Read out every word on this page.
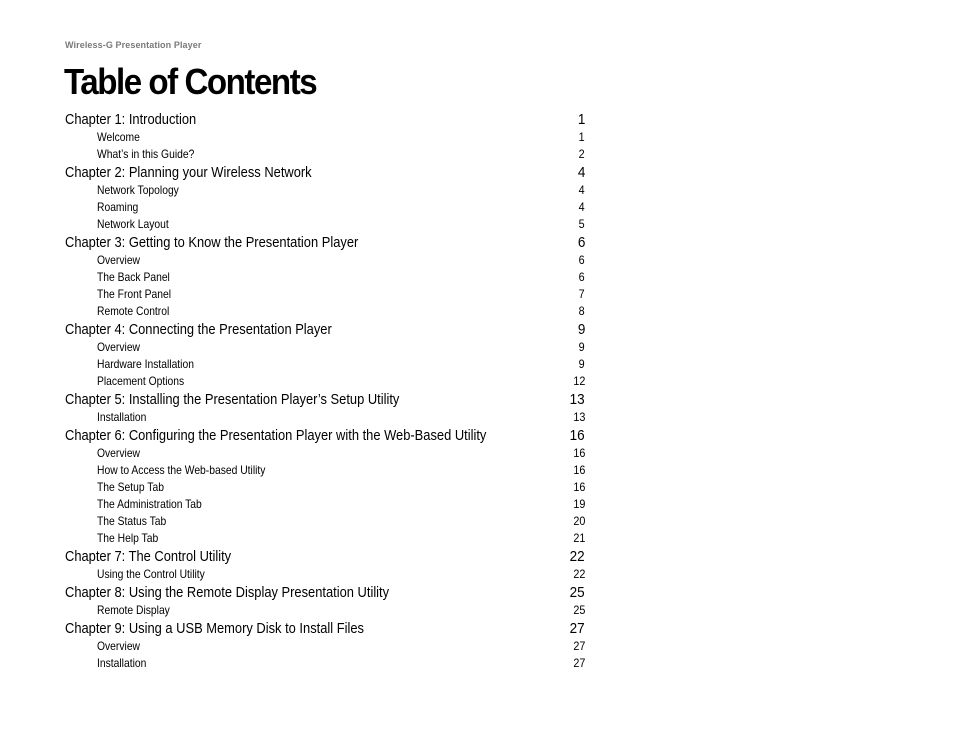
Wireless-G Presentation Player
Table of Contents
Chapter 1: Introduction	1
Welcome	1
What’s in this Guide?	2
Chapter 2: Planning your Wireless Network	4
Network Topology	4
Roaming	4
Network Layout	5
Chapter 3: Getting to Know the Presentation Player	6
Overview	6
The Back Panel	6
The Front Panel	7
Remote Control	8
Chapter 4: Connecting the Presentation Player	9
Overview	9
Hardware Installation	9
Placement Options	12
Chapter 5: Installing the Presentation Player’s Setup Utility	13
Installation	13
Chapter 6: Configuring the Presentation Player with the Web-Based Utility	16
Overview	16
How to Access the Web-based Utility	16
The Setup Tab	16
The Administration Tab	19
The Status Tab	20
The Help Tab	21
Chapter 7: The Control Utility	22
Using the Control Utility	22
Chapter 8: Using the Remote Display Presentation Utility	25
Remote Display	25
Chapter 9: Using a USB Memory Disk to Install Files	27
Overview	27
Installation	27
